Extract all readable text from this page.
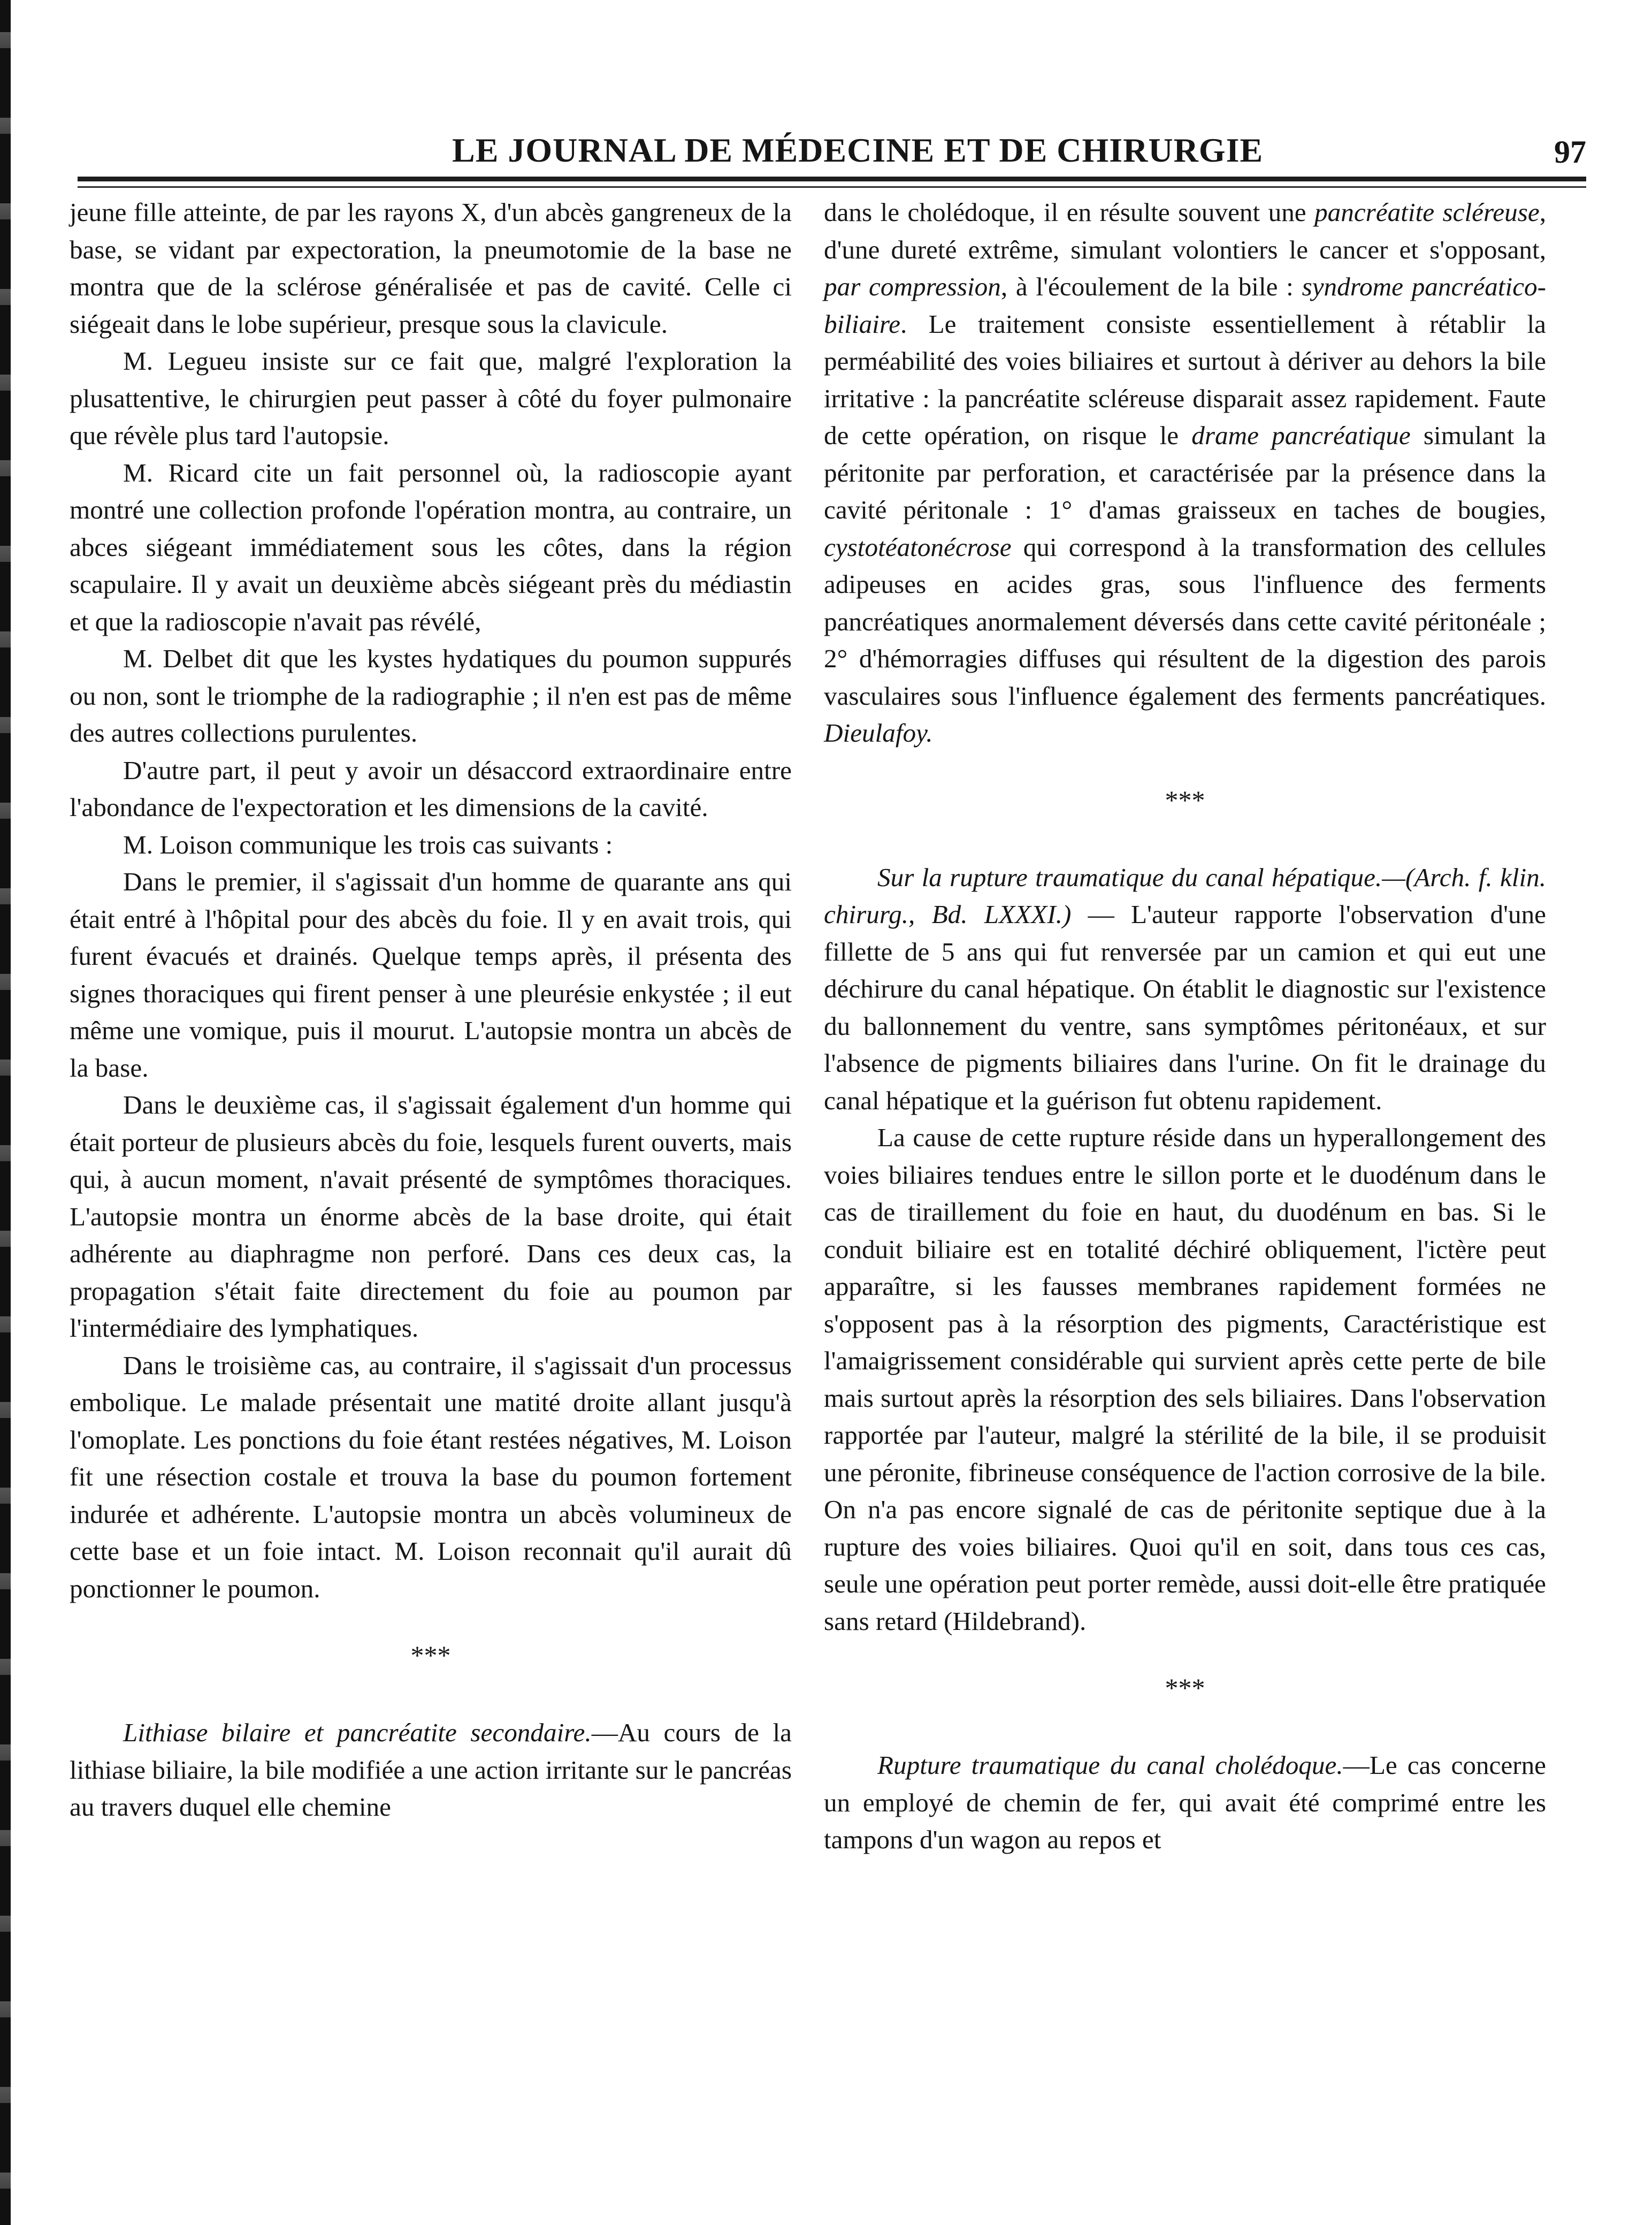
LE JOURNAL DE MÉDECINE ET DE CHIRURGIE	97

jeune fille atteinte, de par les rayons X, d'un abcès gangreneux de la base, se vidant par expectoration, la pneumotomie de la base ne montra que de la sclérose généralisée et pas de cavité. Celle ci siégeait dans le lobe supérieur, presque sous la clavicule.

M. Legueu insiste sur ce fait que, malgré l'exploration la plusattentive, le chirurgien peut passer à côté du foyer pulmonaire que révèle plus tard l'autopsie.

M. Ricard cite un fait personnel où, la radioscopie ayant montré une collection profonde l'opération montra, au contraire, un abces siégeant immédiatement sous les côtes, dans la région scapulaire. Il y avait un deuxième abcès siégeant près du médiastin et que la radioscopie n'avait pas révélé,

M. Delbet dit que les kystes hydatiques du poumon suppurés ou non, sont le triomphe de la radiographie ; il n'en est pas de même des autres collections purulentes.

D'autre part, il peut y avoir un désaccord extraordinaire entre l'abondance de l'expectoration et les dimensions de la cavité.

M. Loison communique les trois cas suivants :

Dans le premier, il s'agissait d'un homme de quarante ans qui était entré à l'hôpital pour des abcès du foie. Il y en avait trois, qui furent évacués et drainés. Quelque temps après, il présenta des signes thoraciques qui firent penser à une pleurésie enkystée ; il eut même une vomique, puis il mourut. L'autopsie montra un abcès de la base.

Dans le deuxième cas, il s'agissait également d'un homme qui était porteur de plusieurs abcès du foie, lesquels furent ouverts, mais qui, à aucun moment, n'avait présenté de symptômes thoraciques. L'autopsie montra un énorme abcès de la base droite, qui était adhérente au diaphragme non perforé. Dans ces deux cas, la propagation s'était faite directement du foie au poumon par l'intermédiaire des lymphatiques.

Dans le troisième cas, au contraire, il s'agissait d'un processus embolique. Le malade présentait une matité droite allant jusqu'à l'omoplate. Les ponctions du foie étant restées négatives, M. Loison fit une résection costale et trouva la base du poumon fortement indurée et adhérente. L'autopsie montra un abcès volumineux de cette base et un foie intact. M. Loison reconnait qu'il aurait dû ponctionner le poumon.

***

Lithiase bilaire et pancréatite secondaire.—Au cours de la lithiase biliaire, la bile modifiée a une action irritante sur le pancréas au travers duquel elle chemine

dans le cholédoque, il en résulte souvent une pancréatite scléreuse, d'une dureté extrême, simulant volontiers le cancer et s'opposant, par compression, à l'écoulement de la bile : syndrome pancréatico-biliaire. Le traitement consiste essentiellement à rétablir la perméabilité des voies biliaires et surtout à dériver au dehors la bile irritative : la pancréatite scléreuse disparait assez rapidement. Faute de cette opération, on risque le drame pancréatique simulant la péritonite par perforation, et caractérisée par la présence dans la cavité péritonale : 1° d'amas graisseux en taches de bougies, cystotéatonécrose qui correspond à la transformation des cellules adipeuses en acides gras, sous l'influence des ferments pancréatiques anormalement déversés dans cette cavité péritonéale ; 2° d'hémorragies diffuses qui résultent de la digestion des parois vasculaires sous l'influence également des ferments pancréatiques. Dieulafoy.

***

Sur la rupture traumatique du canal hépatique.—(Arch. f. klin. chirurg., Bd. LXXXI.) — L'auteur rapporte l'observation d'une fillette de 5 ans qui fut renversée par un camion et qui eut une déchirure du canal hépatique. On établit le diagnostic sur l'existence du ballonnement du ventre, sans symptômes péritonéaux, et sur l'absence de pigments biliaires dans l'urine. On fit le drainage du canal hépatique et la guérison fut obtenu rapidement.

La cause de cette rupture réside dans un hyperallongement des voies biliaires tendues entre le sillon porte et le duodénum dans le cas de tiraillement du foie en haut, du duodénum en bas. Si le conduit biliaire est en totalité déchiré obliquement, l'ictère peut apparaître, si les fausses membranes rapidement formées ne s'opposent pas à la résorption des pigments, Caractéristique est l'amaigrissement considérable qui survient après cette perte de bile mais surtout après la résorption des sels biliaires. Dans l'observation rapportée par l'auteur, malgré la stérilité de la bile, il se produisit une péronite, fibrineuse conséquence de l'action corrosive de la bile. On n'a pas encore signalé de cas de péritonite septique due à la rupture des voies biliaires. Quoi qu'il en soit, dans tous ces cas, seule une opération peut porter remède, aussi doit-elle être pratiquée sans retard (Hildebrand).

***

Rupture traumatique du canal cholédoque.—Le cas concerne un employé de chemin de fer, qui avait été comprimé entre les tampons d'un wagon au repos et
